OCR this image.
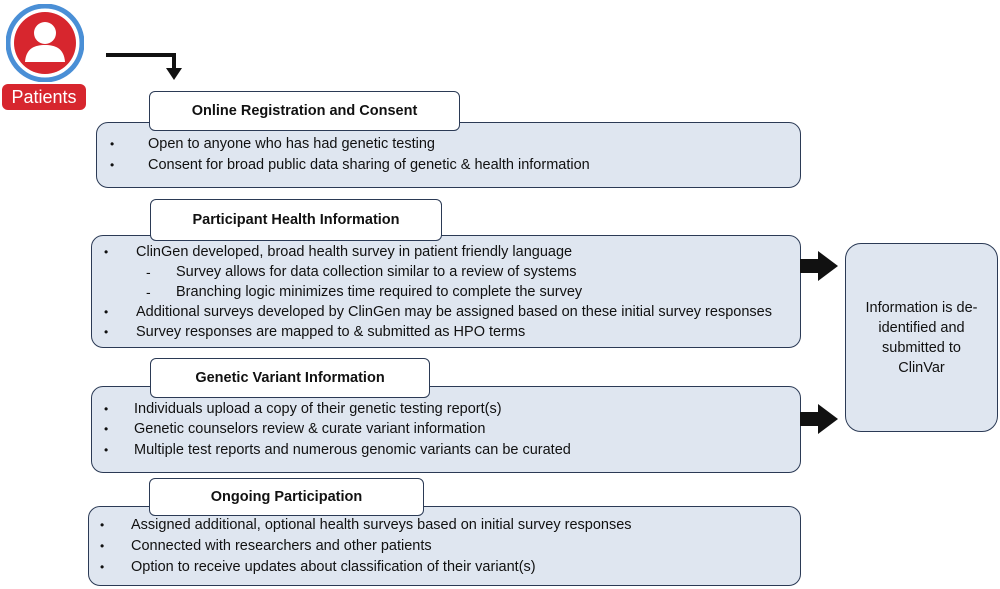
Patients
Online Registration and Consent
• Open to anyone who has had genetic testing
• Consent for broad public data sharing of genetic & health information
Participant Health Information
• ClinGen developed, broad health survey in patient friendly language
- Survey allows for data collection similar to a review of systems
- Branching logic minimizes time required to complete the survey
• Additional surveys developed by ClinGen may be assigned based on these initial survey responses
• Survey responses are mapped to & submitted as HPO terms
Genetic Variant Information
• Individuals upload a copy of their genetic testing report(s)
• Genetic counselors review & curate variant information
• Multiple test reports and numerous genomic variants can be curated
Ongoing Participation
• Assigned additional, optional health surveys based on initial survey responses
• Connected with researchers and other patients
• Option to receive updates about classification of their variant(s)
Information is de-identified and submitted to ClinVar
